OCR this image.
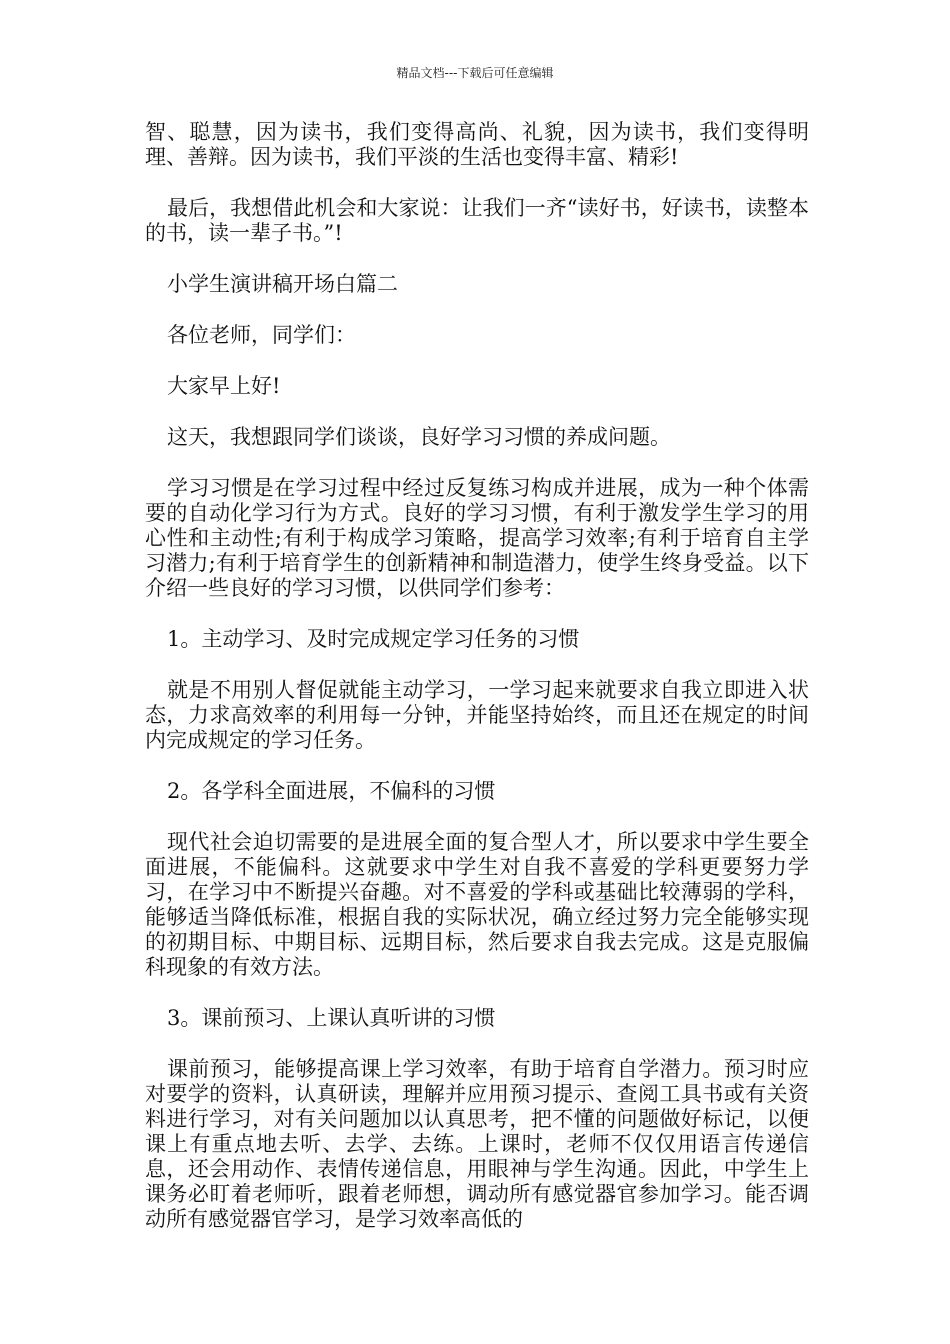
精品文档---下载后可任意编辑

智、聪慧，因为读书，我们变得高尚、礼貌，因为读书，我们变得明理、善辩。因为读书，我们平淡的生活也变得丰富、精彩!

最后，我想借此机会和大家说：让我们一齐“读好书，好读书，读整本的书，读一辈子书。”!

小学生演讲稿开场白篇二

各位老师，同学们：

大家早上好!

这天，我想跟同学们谈谈，良好学习习惯的养成问题。

学习习惯是在学习过程中经过反复练习构成并进展，成为一种个体需要的自动化学习行为方式。良好的学习习惯，有利于激发学生学习的用心性和主动性;有利于构成学习策略，提高学习效率;有利于培育自主学习潜力;有利于培育学生的创新精神和制造潜力，使学生终身受益。以下介绍一些良好的学习习惯，以供同学们参考：

1。主动学习、及时完成规定学习任务的习惯

就是不用别人督促就能主动学习，一学习起来就要求自我立即进入状态，力求高效率的利用每一分钟，并能坚持始终，而且还在规定的时间内完成规定的学习任务。

2。各学科全面进展，不偏科的习惯

现代社会迫切需要的是进展全面的复合型人才，所以要求中学生要全面进展，不能偏科。这就要求中学生对自我不喜爱的学科更要努力学习，在学习中不断提兴奋趣。对不喜爱的学科或基础比较薄弱的学科，能够适当降低标准，根据自我的实际状况，确立经过努力完全能够实现的初期目标、中期目标、远期目标，然后要求自我去完成。这是克服偏科现象的有效方法。

3。课前预习、上课认真听讲的习惯

课前预习，能够提高课上学习效率，有助于培育自学潜力。预习时应对要学的资料，认真研读，理解并应用预习提示、查阅工具书或有关资料进行学习，对有关问题加以认真思考，把不懂的问题做好标记，以便课上有重点地去听、去学、去练。上课时，老师不仅仅用语言传递信息，还会用动作、表情传递信息，用眼神与学生沟通。因此，中学生上课务必盯着老师听，跟着老师想，调动所有感觉器官参加学习。能否调动所有感觉器官学习，是学习效率高低的
